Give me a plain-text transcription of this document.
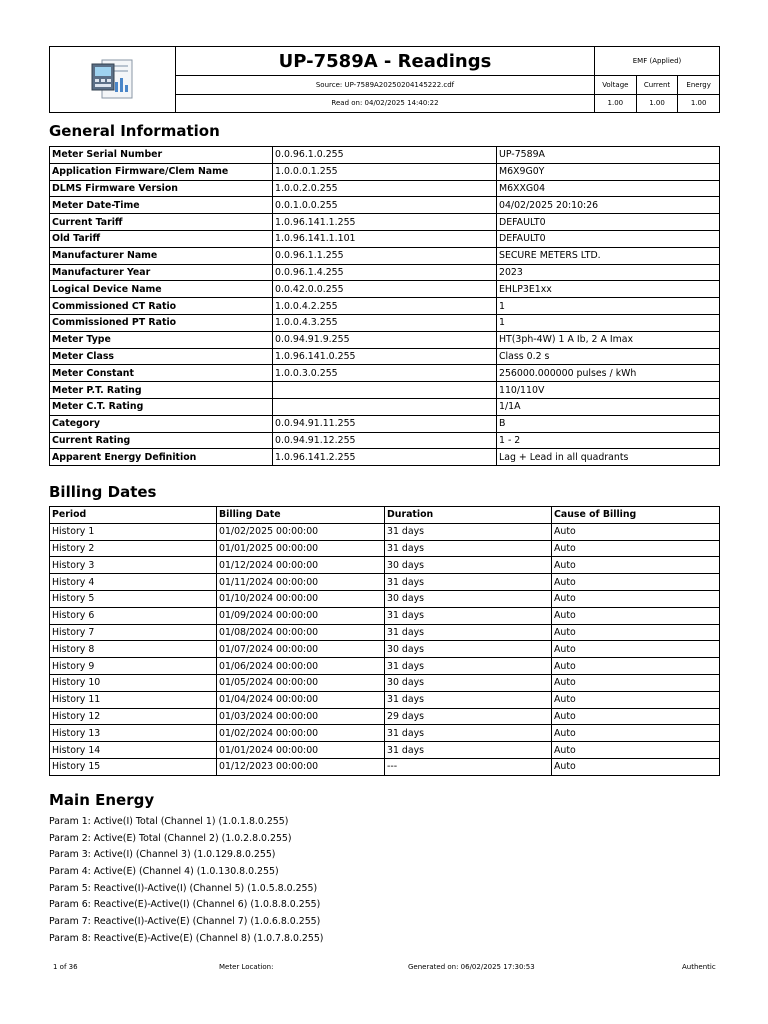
	UP-7589A - Readings	EMF (Applied)		
	Source: UP-7589A20250204145222.cdf	Voltage	Current	Energy
	Read on: 04/02/2025 14:40:22	1.00	1.00	1.00
General Information
Meter Serial Number	0.0.96.1.0.255	UP-7589A
Application Firmware/Clem Name	1.0.0.0.1.255	M6X9G0Y
DLMS Firmware Version	1.0.0.2.0.255	M6XXG04
Meter Date-Time	0.0.1.0.0.255	04/02/2025 20:10:26
Current Tariff	1.0.96.141.1.255	DEFAULT0
Old Tariff	1.0.96.141.1.101	DEFAULT0
Manufacturer Name	0.0.96.1.1.255	SECURE METERS LTD.
Manufacturer Year	0.0.96.1.4.255	2023
Logical Device Name	0.0.42.0.0.255	EHLP3E1xx
Commissioned CT Ratio	1.0.0.4.2.255	1
Commissioned PT Ratio	1.0.0.4.3.255	1
Meter Type	0.0.94.91.9.255	HT(3ph-4W) 1 A Ib, 2 A Imax
Meter Class	1.0.96.141.0.255	Class 0.2 s
Meter Constant	1.0.0.3.0.255	256000.000000 pulses / kWh
Meter P.T. Rating		110/110V
Meter C.T. Rating		1/1A
Category	0.0.94.91.11.255	B
Current Rating	0.0.94.91.12.255	1 - 2
Apparent Energy Definition	1.0.96.141.2.255	Lag + Lead in all quadrants
Billing Dates
Period	Billing Date	Duration	Cause of Billing
History 1	01/02/2025 00:00:00	31 days	Auto
History 2	01/01/2025 00:00:00	31 days	Auto
History 3	01/12/2024 00:00:00	30 days	Auto
History 4	01/11/2024 00:00:00	31 days	Auto
History 5	01/10/2024 00:00:00	30 days	Auto
History 6	01/09/2024 00:00:00	31 days	Auto
History 7	01/08/2024 00:00:00	31 days	Auto
History 8	01/07/2024 00:00:00	30 days	Auto
History 9	01/06/2024 00:00:00	31 days	Auto
History 10	01/05/2024 00:00:00	30 days	Auto
History 11	01/04/2024 00:00:00	31 days	Auto
History 12	01/03/2024 00:00:00	29 days	Auto
History 13	01/02/2024 00:00:00	31 days	Auto
History 14	01/01/2024 00:00:00	31 days	Auto
History 15	01/12/2023 00:00:00	---	Auto
Main Energy
Param 1: Active(I) Total (Channel 1) (1.0.1.8.0.255)
Param 2: Active(E) Total (Channel 2) (1.0.2.8.0.255)
Param 3: Active(I) (Channel 3) (1.0.129.8.0.255)
Param 4: Active(E) (Channel 4) (1.0.130.8.0.255)
Param 5: Reactive(I)-Active(I) (Channel 5) (1.0.5.8.0.255)
Param 6: Reactive(E)-Active(I) (Channel 6) (1.0.8.8.0.255)
Param 7: Reactive(I)-Active(E) (Channel 7) (1.0.6.8.0.255)
Param 8: Reactive(E)-Active(E) (Channel 8) (1.0.7.8.0.255)
1 of 36	Meter Location:	Generated on: 06/02/2025 17:30:53	Authentic
